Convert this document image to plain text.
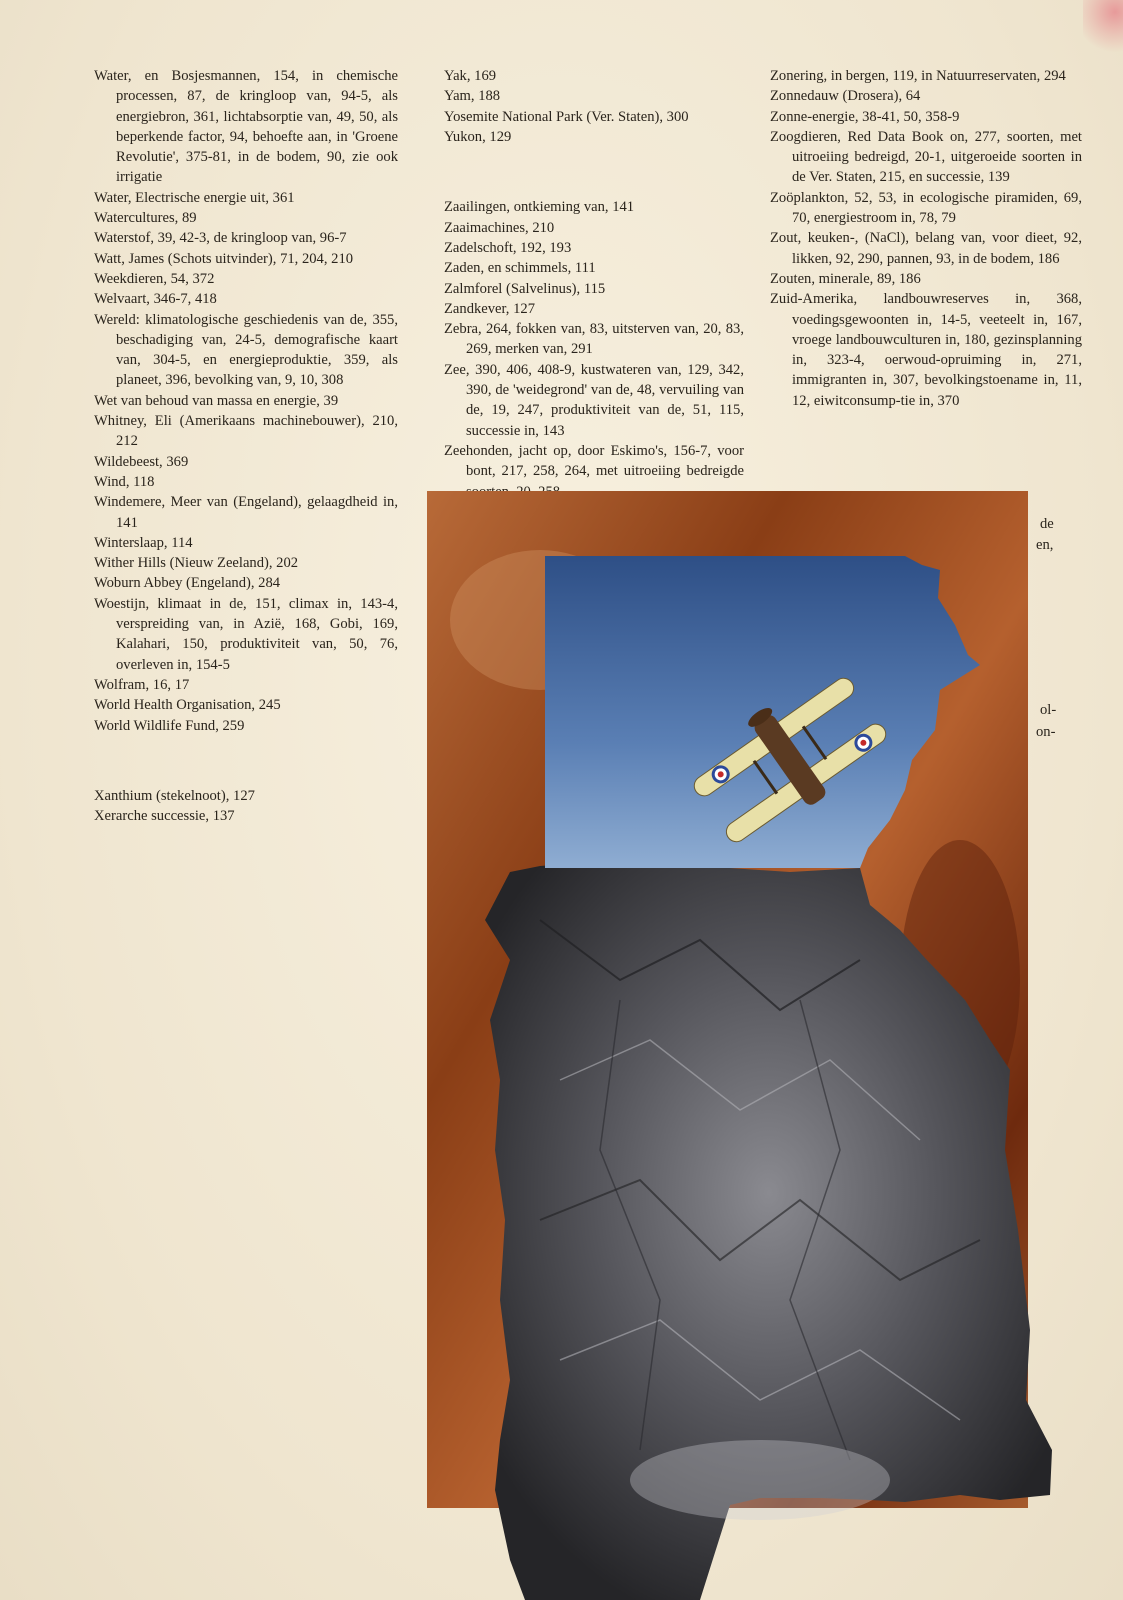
Water, en Bosjesmannen, 154, in chemische processen, 87, de kringloop van, 94-5, als energiebron, 361, lichtabsorptie van, 49, 50, als beperkende factor, 94, behoefte aan, in 'Groene Revolutie', 375-81, in de bodem, 90, zie ook irrigatie

Water, Electrische energie uit, 361

Watercultures, 89

Waterstof, 39, 42-3, de kringloop van, 96-7

Watt, James (Schots uitvinder), 71, 204, 210

Weekdieren, 54, 372

Welvaart, 346-7, 418

Wereld: klimatologische geschiedenis van de, 355, beschadiging van, 24-5, demografische kaart van, 304-5, en energieproduktie, 359, als planeet, 396, bevolking van, 9, 10, 308

Wet van behoud van massa en energie, 39

Whitney, Eli (Amerikaans machinebouwer), 210, 212

Wildebeest, 369

Wind, 118

Windemere, Meer van (Engeland), gelaagdheid in, 141

Winterslaap, 114

Wither Hills (Nieuw Zeeland), 202

Woburn Abbey (Engeland), 284

Woestijn, klimaat in de, 151, climax in, 143-4, verspreiding van, in Azië, 168, Gobi, 169, Kalahari, 150, produktiviteit van, 50, 76, overleven in, 154-5

Wolfram, 16, 17

World Health Organisation, 245

World Wildlife Fund, 259

Xanthium (stekelnoot), 127

Xerarche successie, 137

Yak, 169

Yam, 188

Yosemite National Park (Ver. Staten), 300

Yukon, 129

Zaailingen, ontkieming van, 141

Zaaimachines, 210

Zadelschoft, 192, 193

Zaden, en schimmels, 111

Zalmforel (Salvelinus), 115

Zandkever, 127

Zebra, 264, fokken van, 83, uitsterven van, 20, 83, 269, merken van, 291

Zee, 390, 406, 408-9, kustwateren van, 129, 342, 390, de 'weidegrond' van de, 48, vervuiling van de, 19, 247, produktiviteit van de, 51, 115, successie in, 143

Zeehonden, jacht op, door Eskimo's, 156-7, voor bont, 217, 258, 264, met uitroeiing bedreigde

Zonering, in bergen, 119, in Natuurreservaten, 294

Zonnedauw (Drosera), 64

Zonne-energie, 38-41, 50, 358-9

Zoogdieren, Red Data Book on, 277, soorten, met uitroeiing bedreigd, 20-1, uitgeroeide soorten in de Ver. Staten, 215, en successie, 139

Zoöplankton, 52, 53, in ecologische piramiden, 69, 70, energiestroom in, 78, 79

Zout, keuken-, (NaCl), belang van, voor dieet, 92, likken, 92, 290, pannen, 93, in de bodem, 186

Zouten, minerale, 89, 186

Zuid-Amerika, landbouwreserves in, 368, voedingsgewoonten in, 14-5, veeteelt in, 167, vroege landbouwculturen in, 180, gezinsplanning in, 323-4, oerwoud-opruiming in, 271, immigranten in, 307, bevolkingstoename in, 11, 12, eiwitconsump-tie in, 370

de
en,
ol-
on-
